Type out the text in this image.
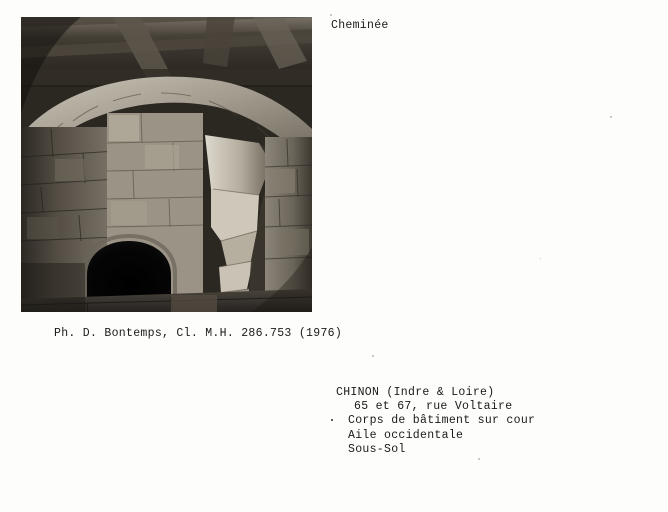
Cheminée
Ph. D. Bontemps, Cl. M.H. 286.753 (1976)
CHINON (Indre & Loire)
65 et 67, rue Voltaire
Corps de bâtiment sur cour
Aile occidentale
Sous-Sol
